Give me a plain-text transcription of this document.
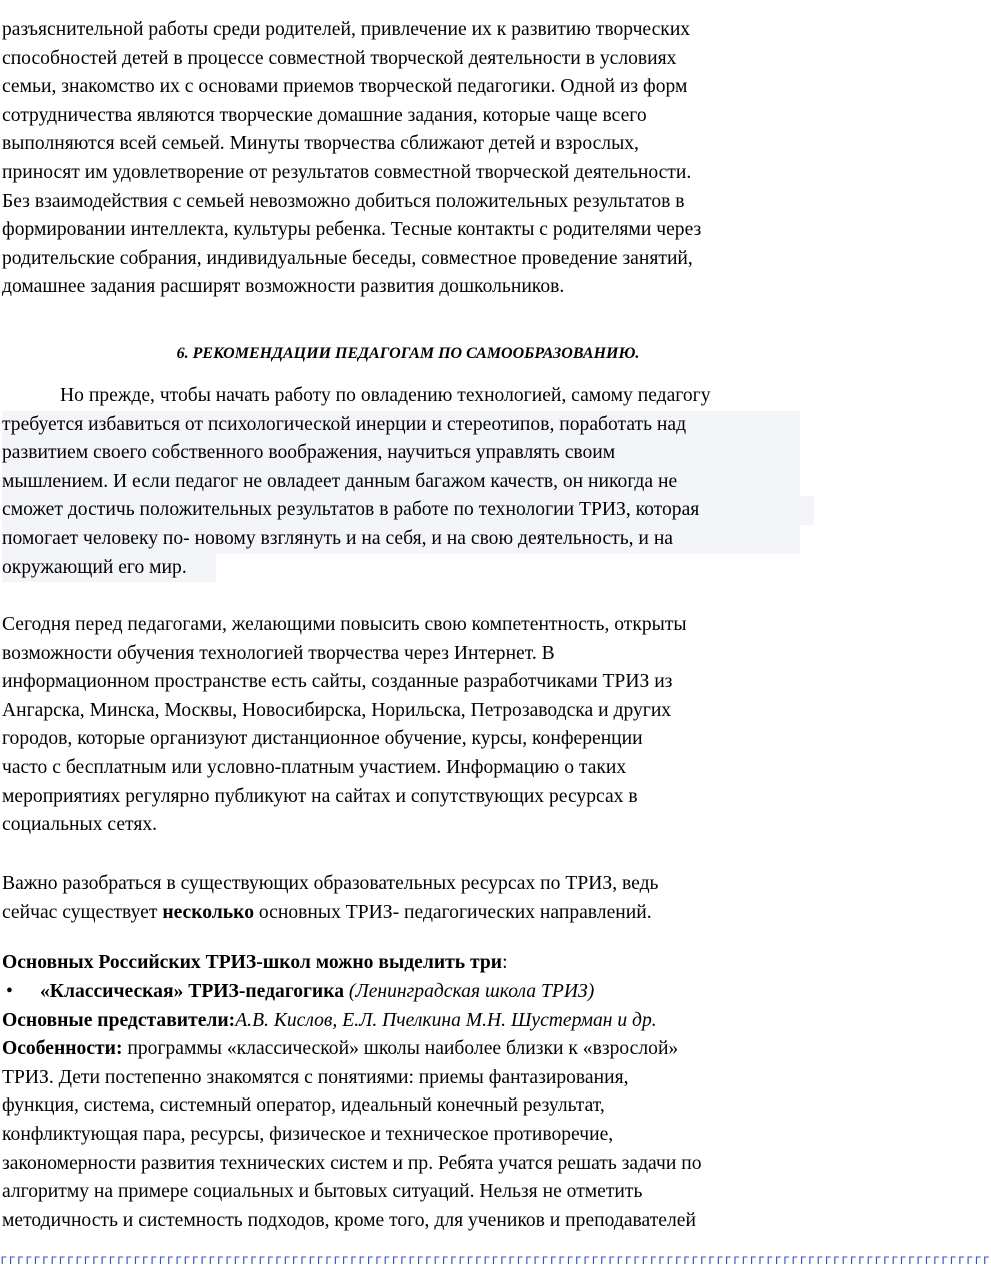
разъяснительной работы среди родителей, привлечение их к развитию творческих
способностей детей в процессе совместной творческой деятельности в условиях
семьи, знакомство их с основами приемов творческой педагогики. Одной из форм
сотрудничества являются творческие домашние задания, которые чаще всего
выполняются всей семьей. Минуты творчества сближают детей и взрослых,
приносят им удовлетворение от результатов совместной творческой деятельности.
Без взаимодействия с семьей невозможно добиться положительных результатов в
формировании интеллекта, культуры ребенка. Тесные контакты с родителями через
родительские собрания, индивидуальные беседы, совместное проведение занятий,
домашнее задания расширят возможности развития дошкольников.
6. РЕКОМЕНДАЦИИ ПЕДАГОГАМ ПО САМООБРАЗОВАНИЮ.
Но прежде, чтобы начать работу по овладению технологией, самому педагогу
требуется избавиться от психологической инерции и стереотипов, поработать над
развитием своего собственного воображения, научиться управлять своим
мышлением. И если педагог не овладеет данным багажом качеств, он никогда не
сможет достичь положительных результатов в работе по технологии ТРИЗ, которая
помогает человеку по- новому взглянуть и на себя, и на свою деятельность, и на
окружающий его мир.
Сегодня перед педагогами, желающими повысить свою компетентность, открыты
возможности обучения технологией творчества через Интернет. В
информационном пространстве есть сайты, созданные разработчиками ТРИЗ из
Ангарска, Минска, Москвы, Новосибирска, Норильска, Петрозаводска и других
городов, которые организуют дистанционное обучение, курсы, конференции
часто с бесплатным или условно-платным участием. Информацию о таких
мероприятиях регулярно публикуют на сайтах и сопутствующих ресурсах в
социальных сетях.
Важно разобраться в существующих образовательных ресурсах по ТРИЗ, ведь
сейчас существует несколько основных ТРИЗ- педагогических направлений.
Основных Российских ТРИЗ-школ можно выделить три:
• «Классическая» ТРИЗ-педагогика (Ленинградская школа ТРИЗ)
Основные представители:А.В. Кислов, Е.Л. Пчелкина М.Н. Шустерман и др.
Особенности: программы «классической» школы наиболее близки к «взрослой»
ТРИЗ. Дети постепенно знакомятся с понятиями: приемы фантазирования,
функция, система, системный оператор, идеальный конечный результат,
конфликтующая пара, ресурсы, физическое и техническое противоречие,
закономерности развития технических систем и пр. Ребята учатся решать задачи по
алгоритму на примере социальных и бытовых ситуаций. Нельзя не отметить
методичность и системность подходов, кроме того, для учеников и преподавателей
ггггггггггггггггггггггггггггггггггггггггггггггггггггггггггггггггггггггггггггггггггггггггггггггггггггггггггггггггггггггг
